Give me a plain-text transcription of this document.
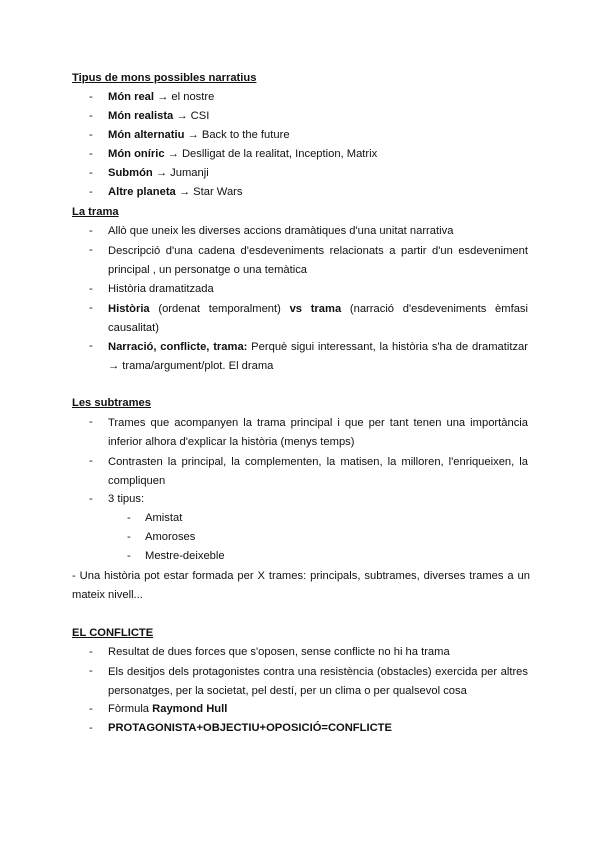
Tipus de mons possibles narratius
- Món real → el nostre
- Món realista → CSI
- Món alternatiu → Back to the future
- Món oníric → Deslligat de la realitat, Inception, Matrix
- Submón → Jumanji
- Altre planeta → Star Wars
La trama
- Allò que uneix les diverses accions dramàtiques d'una unitat narrativa
- Descripció d'una cadena d'esdeveniments relacionats a partir d'un esdeveniment principal , un personatge o una temàtica
- Història dramatitzada
- Història (ordenat temporalment) vs trama (narració d'esdeveniments èmfasi causalitat)
- Narració, conflicte, trama: Perquè sigui interessant, la història s'ha de dramatitzar → trama/argument/plot. El drama
Les subtrames
- Trames que acompanyen la trama principal i que per tant tenen una importància inferior alhora d'explicar la història (menys temps)
- Contrasten la principal, la complementen, la matisen, la milloren, l'enriqueixen, la compliquen
- 3 tipus:
- Amistat
- Amoroses
- Mestre-deixeble
- Una història pot estar formada per X trames: principals, subtrames, diverses trames a un mateix nivell...
EL CONFLICTE
- Resultat de dues forces que s'oposen, sense conflicte no hi ha trama
- Els desitjos dels protagonistes contra una resistència (obstacles) exercida per altres personatges, per la societat, pel destí, per un clima o per qualsevol cosa
- Fòrmula Raymond Hull
- PROTAGONISTA+OBJECTIU+OPOSICIÓ=CONFLICTE
